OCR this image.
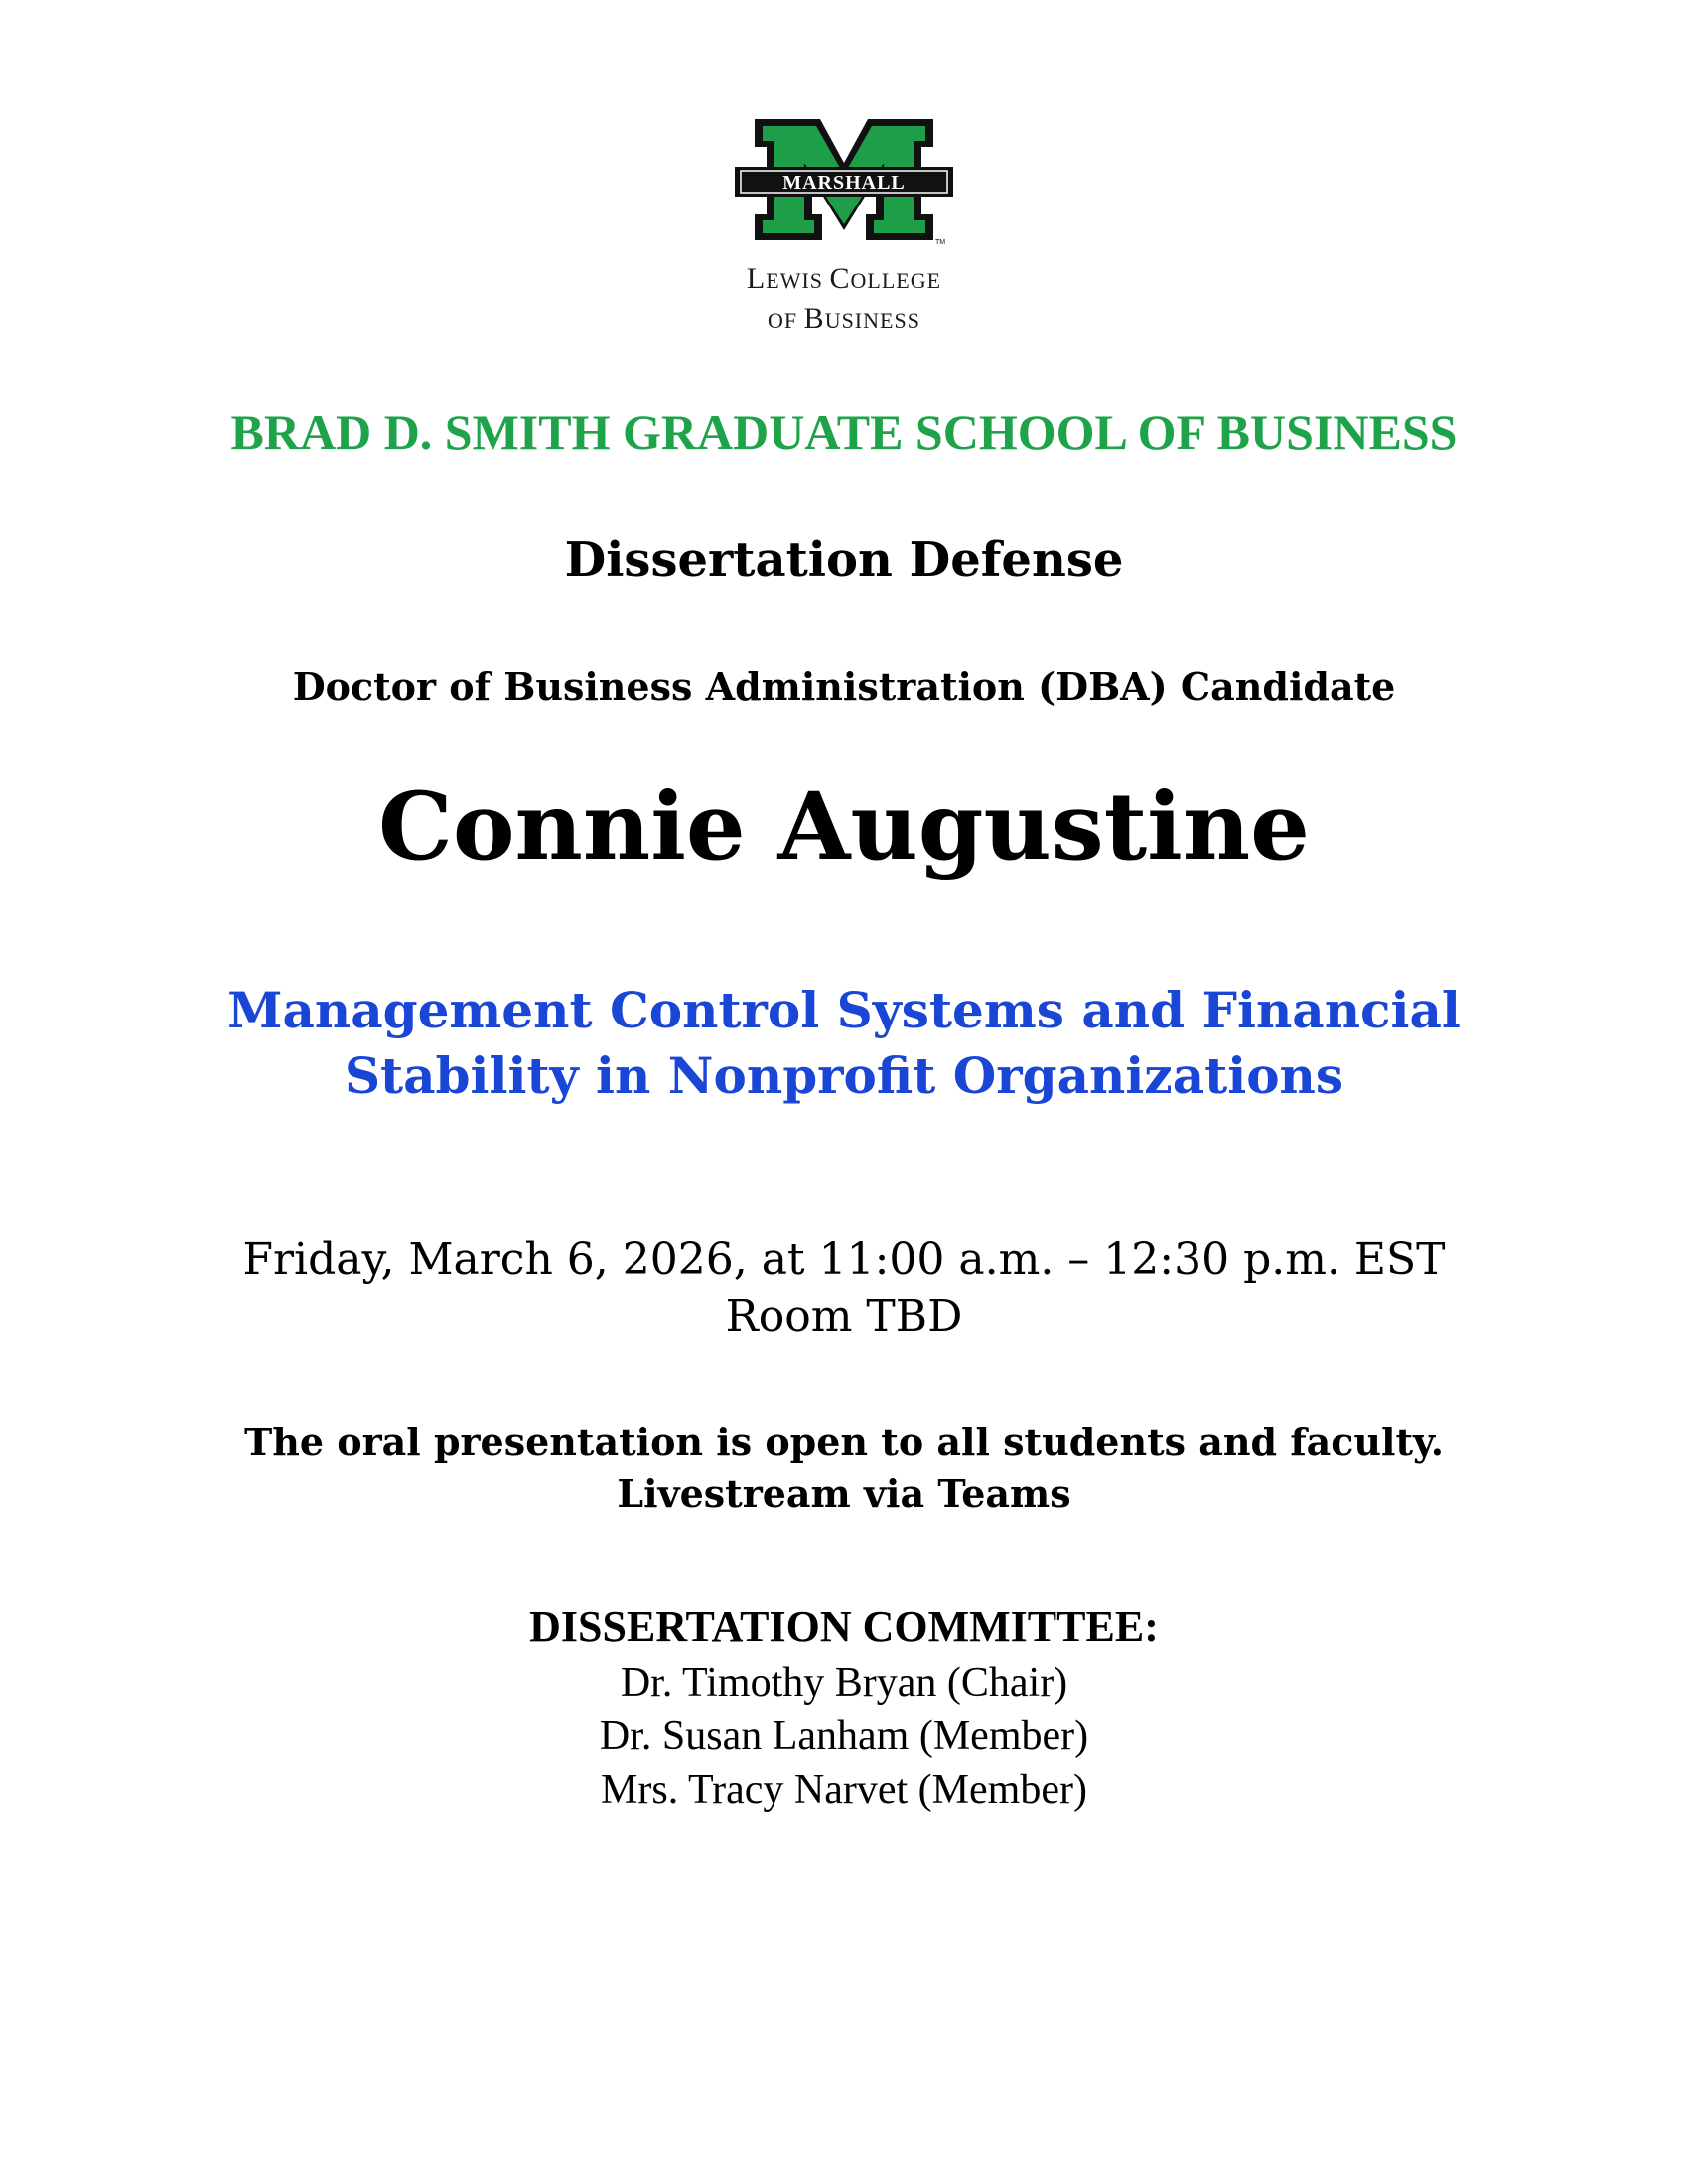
MARSHALL
TM
LEWIS COLLEGE
OF BUSINESS
BRAD D. SMITH GRADUATE SCHOOL OF BUSINESS
Dissertation Defense
Doctor of Business Administration (DBA) Candidate
Connie Augustine
Management Control Systems and Financial
Stability in Nonprofit Organizations
Friday, March 6, 2026, at 11:00 a.m. – 12:30 p.m. EST
Room TBD
The oral presentation is open to all students and faculty.
Livestream via Teams
DISSERTATION COMMITTEE:
Dr. Timothy Bryan (Chair)
Dr. Susan Lanham (Member)
Mrs. Tracy Narvet (Member)
